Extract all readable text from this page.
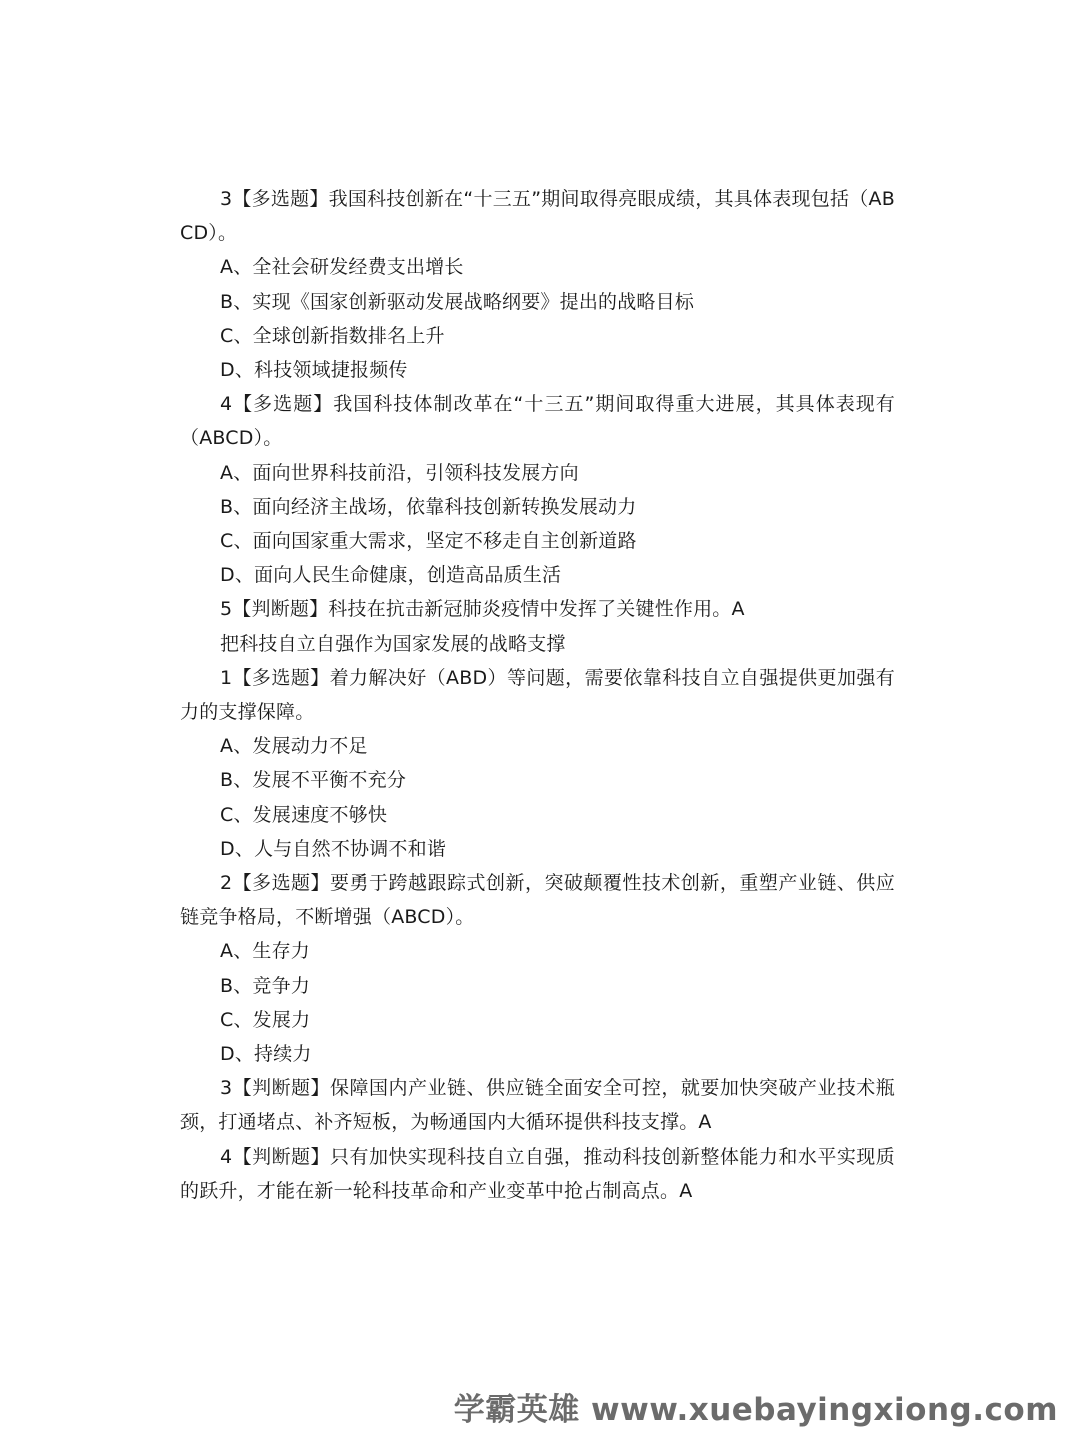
3【多选题】我国科技创新在“十三五”期间取得亮眼成绩，其具体表现包括（ABCD）。

A、全社会研发经费支出增长

B、实现《国家创新驱动发展战略纲要》提出的战略目标

C、全球创新指数排名上升

D、科技领域捷报频传

4【多选题】我国科技体制改革在“十三五”期间取得重大进展，其具体表现有（ABCD）。

A、面向世界科技前沿，引领科技发展方向

B、面向经济主战场，依靠科技创新转换发展动力

C、面向国家重大需求，坚定不移走自主创新道路

D、面向人民生命健康，创造高品质生活

5【判断题】科技在抗击新冠肺炎疫情中发挥了关键性作用。A

把科技自立自强作为国家发展的战略支撑

1【多选题】着力解决好（ABD）等问题，需要依靠科技自立自强提供更加强有力的支撑保障。

A、发展动力不足

B、发展不平衡不充分

C、发展速度不够快

D、人与自然不协调不和谐

2【多选题】要勇于跨越跟踪式创新，突破颠覆性技术创新，重塑产业链、供应链竞争格局，不断增强（ABCD）。

A、生存力

B、竞争力

C、发展力

D、持续力

3【判断题】保障国内产业链、供应链全面安全可控，就要加快突破产业技术瓶颈，打通堵点、补齐短板，为畅通国内大循环提供科技支撑。A

4【判断题】只有加快实现科技自立自强，推动科技创新整体能力和水平实现质的跃升，才能在新一轮科技革命和产业变革中抢占制高点。A

学霸英雄 www.xuebayingxiong.com
